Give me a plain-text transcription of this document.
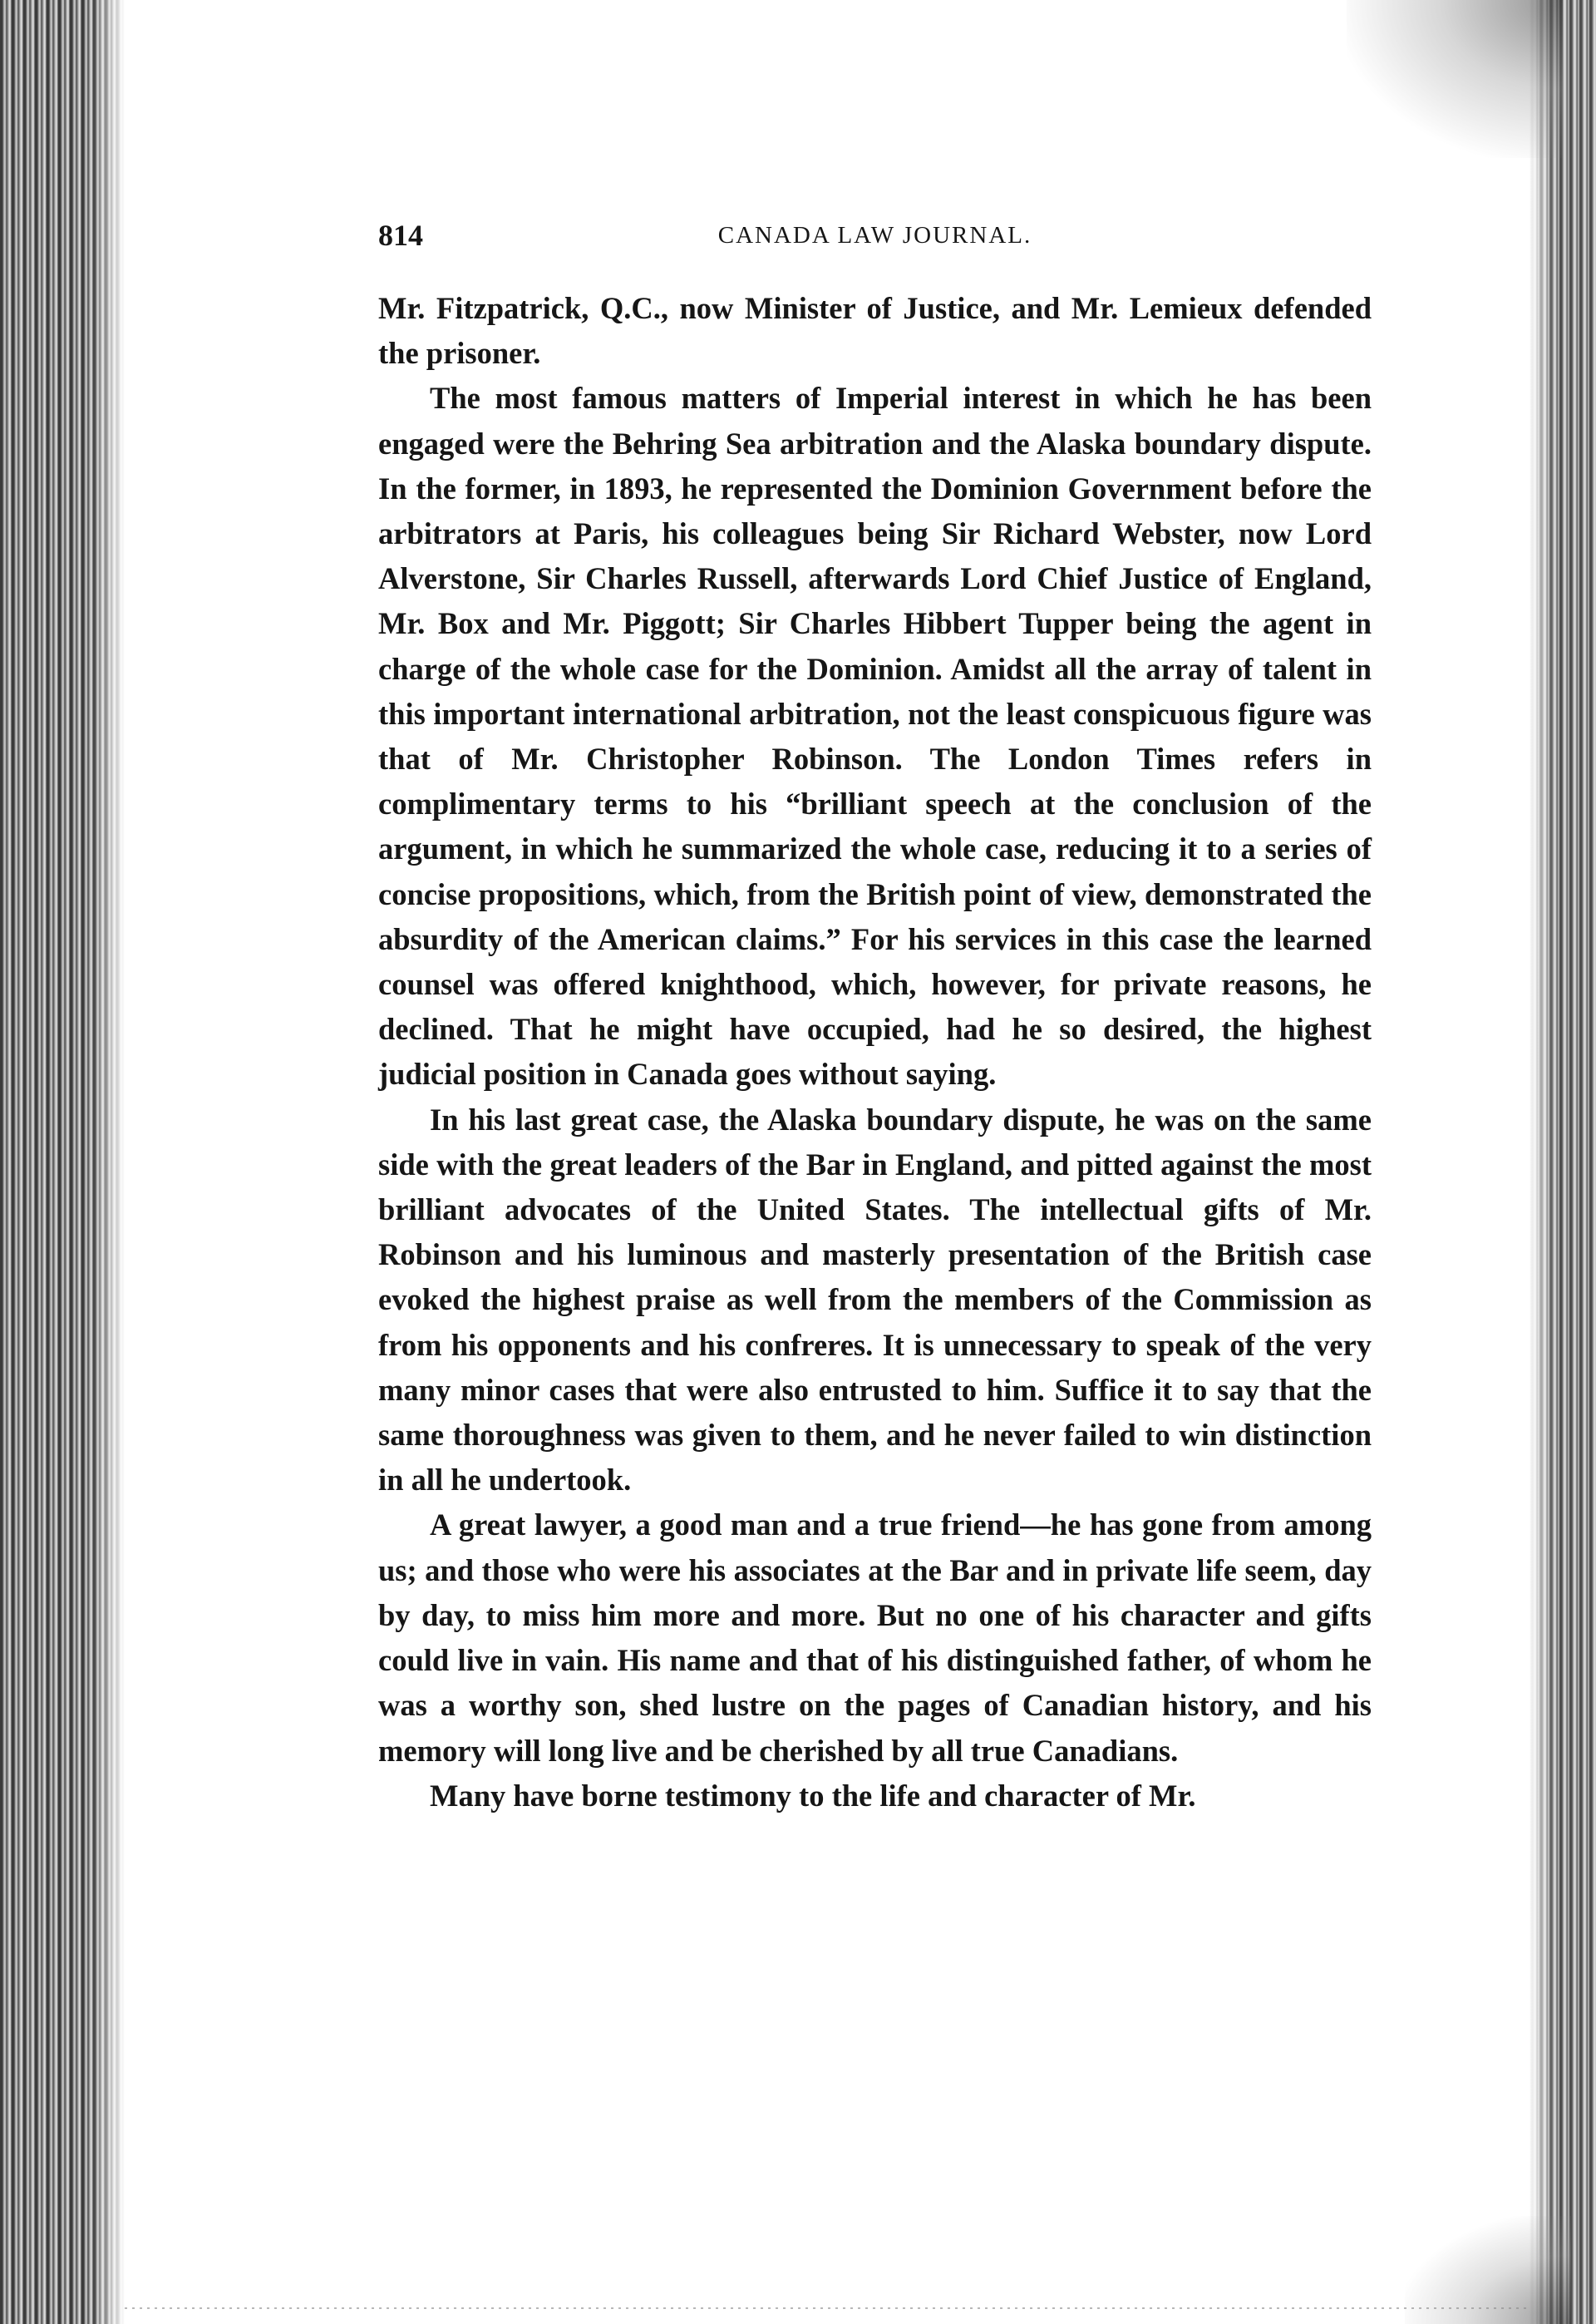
CANADA LAW JOURNAL.
814

Mr. Fitzpatrick, Q.C., now Minister of Justice, and Mr. Lemieux defended the prisoner.

The most famous matters of Imperial interest in which he has been engaged were the Behring Sea arbitration and the Alaska boundary dispute. In the former, in 1893, he represented the Dominion Government before the arbitrators at Paris, his colleagues being Sir Richard Webster, now Lord Alverstone, Sir Charles Russell, afterwards Lord Chief Justice of England, Mr. Box and Mr. Piggott; Sir Charles Hibbert Tupper being the agent in charge of the whole case for the Dominion. Amidst all the array of talent in this important international arbitration, not the least conspicuous figure was that of Mr. Christopher Robinson. The London Times refers in complimentary terms to his “brilliant speech at the conclusion of the argument, in which he summarized the whole case, reducing it to a series of concise propositions, which, from the British point of view, demonstrated the absurdity of the American claims.” For his services in this case the learned counsel was offered knighthood, which, however, for private reasons, he declined. That he might have occupied, had he so desired, the highest judicial position in Canada goes without saying.

In his last great case, the Alaska boundary dispute, he was on the same side with the great leaders of the Bar in England, and pitted against the most brilliant advocates of the United States. The intellectual gifts of Mr. Robinson and his luminous and masterly presentation of the British case evoked the highest praise as well from the members of the Commission as from his opponents and his confreres. It is unnecessary to speak of the very many minor cases that were also entrusted to him. Suffice it to say that the same thoroughness was given to them, and he never failed to win distinction in all he undertook.

A great lawyer, a good man and a true friend—he has gone from among us; and those who were his associates at the Bar and in private life seem, day by day, to miss him more and more. But no one of his character and gifts could live in vain. His name and that of his distinguished father, of whom he was a worthy son, shed lustre on the pages of Canadian history, and his memory will long live and be cherished by all true Canadians.

Many have borne testimony to the life and character of Mr.
